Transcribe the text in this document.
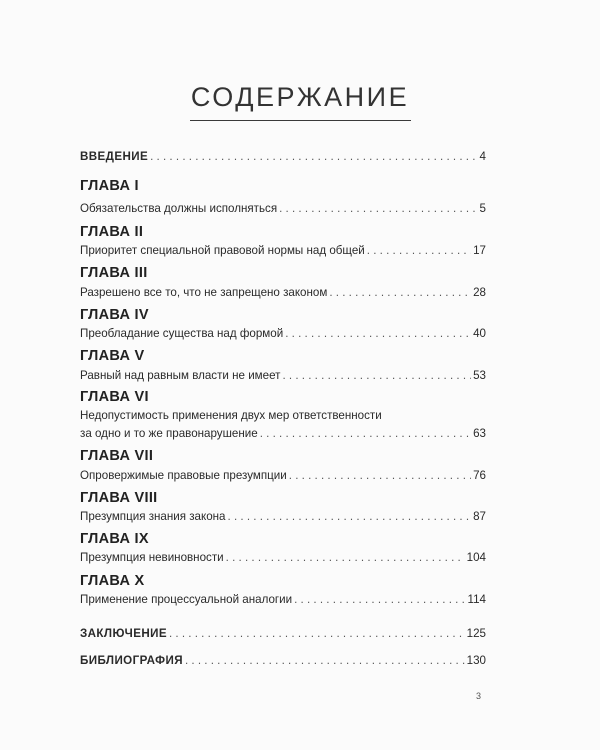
СОДЕРЖАНИЕ
ВВЕДЕНИЕ . . .	4
ГЛАВА I
Обязательства должны исполняться . . .	5
ГЛАВА II
Приоритет специальной правовой нормы над общей . . .	17
ГЛАВА III
Разрешено все то, что не запрещено законом . . .	28
ГЛАВА IV
Преобладание существа над формой . . .	40
ГЛАВА V
Равный над равным власти не имеет . . .	53
ГЛАВА VI
Недопустимость применения двух мер ответственности
за одно и то же правонарушение . . .	63
ГЛАВА VII
Опровержимые правовые презумпции . . .	76
ГЛАВА VIII
Презумпция знания закона . . .	87
ГЛАВА IX
Презумпция невиновности . . .	104
ГЛАВА X
Применение процессуальной аналогии . . .	114
ЗАКЛЮЧЕНИЕ . . .	125
БИБЛИОГРАФИЯ . . .	130
3
